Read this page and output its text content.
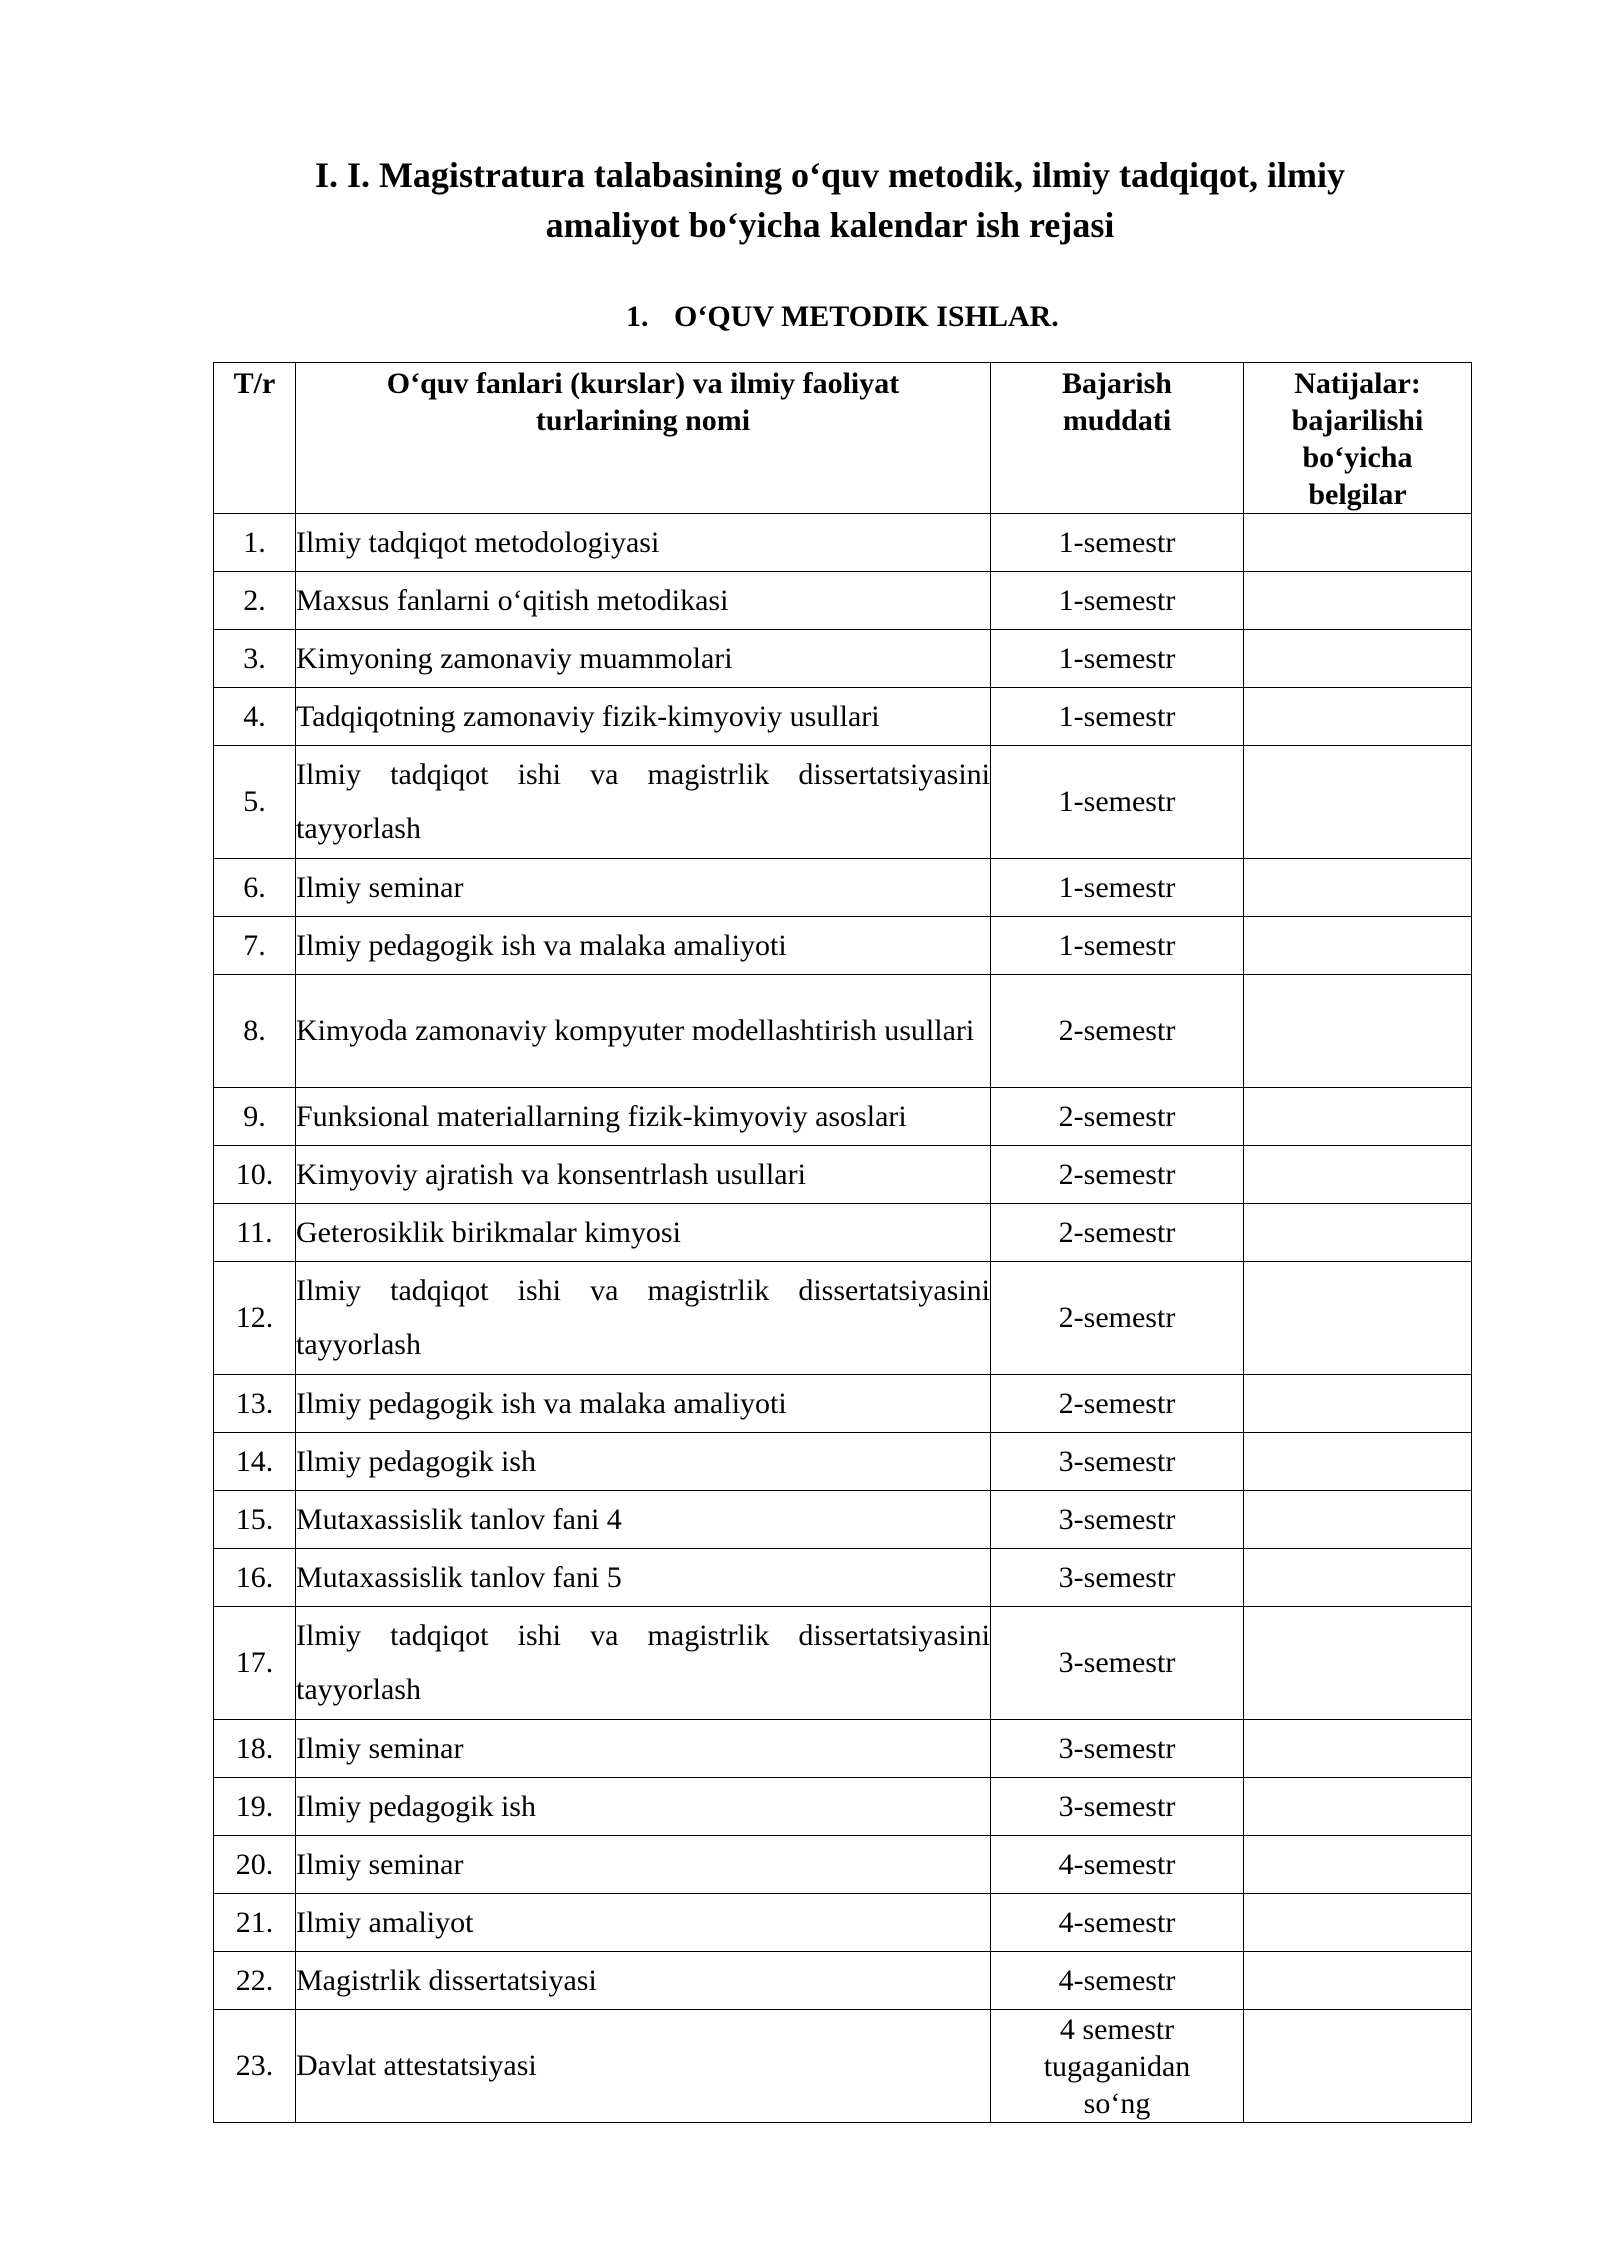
I. I. Magistratura talabasining o‘quv metodik, ilmiy tadqiqot, ilmiy
amaliyot bo‘yicha kalendar ish rejasi
1. O‘QUV METODIK ISHLAR.
T/r	O‘quv fanlari (kurslar) va ilmiy faoliyat turlarining nomi	Bajarish muddati	Natijalar: bajarilishi bo‘yicha belgilar
1.	Ilmiy tadqiqot metodologiyasi	1-semestr	
2.	Maxsus fanlarni o‘qitish metodikasi	1-semestr	
3.	Kimyoning zamonaviy muammolari	1-semestr	
4.	Tadqiqotning zamonaviy fizik-kimyoviy usullari	1-semestr	
5.	Ilmiy tadqiqot ishi va magistrlik dissertatsiyasini tayyorlash	1-semestr	
6.	Ilmiy seminar	1-semestr	
7.	Ilmiy pedagogik ish va malaka amaliyoti	1-semestr	
8.	Kimyoda zamonaviy kompyuter modellashtirish usullari	2-semestr	
9.	Funksional materiallarning fizik-kimyoviy asoslari	2-semestr	
10.	Kimyoviy ajratish va konsentrlash usullari	2-semestr	
11.	Geterosiklik birikmalar kimyosi	2-semestr	
12.	Ilmiy tadqiqot ishi va magistrlik dissertatsiyasini tayyorlash	2-semestr	
13.	Ilmiy pedagogik ish va malaka amaliyoti	2-semestr	
14.	Ilmiy pedagogik ish	3-semestr	
15.	Mutaxassislik tanlov fani 4	3-semestr	
16.	Mutaxassislik tanlov fani 5	3-semestr	
17.	Ilmiy tadqiqot ishi va magistrlik dissertatsiyasini tayyorlash	3-semestr	
18.	Ilmiy seminar	3-semestr	
19.	Ilmiy pedagogik ish	3-semestr	
20.	Ilmiy seminar	4-semestr	
21.	Ilmiy amaliyot	4-semestr	
22.	Magistrlik dissertatsiyasi	4-semestr	
23.	Davlat attestatsiyasi	4 semestr tugaganidan so‘ng	
